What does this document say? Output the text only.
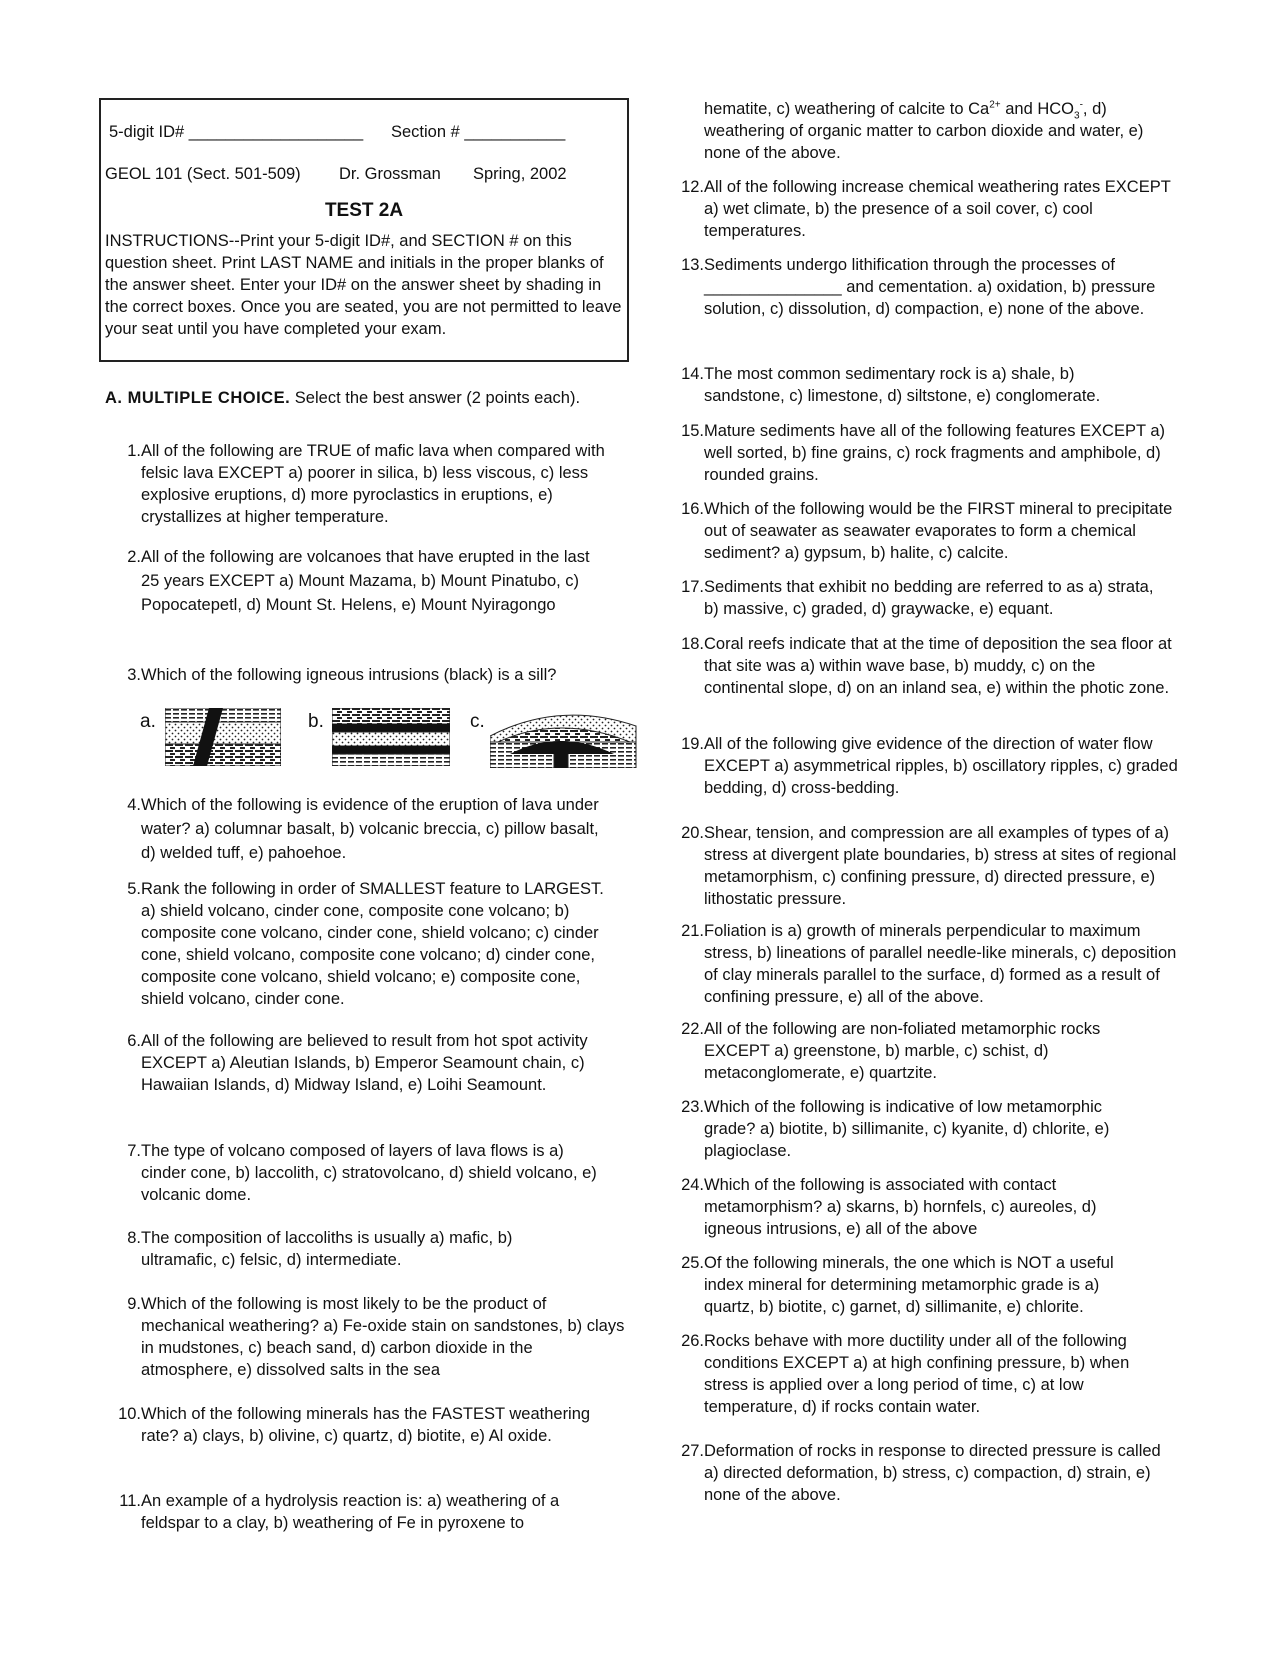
5-digit ID# ___________________ Section # ___________
GEOL 101 (Sect. 501-509) Dr. Grossman Spring, 2002
TEST 2A
INSTRUCTIONS--Print your 5-digit ID#, and SECTION # on this question sheet. Print LAST NAME and initials in the proper blanks of the answer sheet. Enter your ID# on the answer sheet by shading in the correct boxes. Once you are seated, you are not permitted to leave your seat until you have completed your exam.
A. MULTIPLE CHOICE. Select the best answer (2 points each).
1. All of the following are TRUE of mafic lava when compared with felsic lava EXCEPT a) poorer in silica, b) less viscous, c) less explosive eruptions, d) more pyroclastics in eruptions, e) crystallizes at higher temperature.
2. All of the following are volcanoes that have erupted in the last 25 years EXCEPT a) Mount Mazama, b) Mount Pinatubo, c) Popocatepetl, d) Mount St. Helens, e) Mount Nyiragongo
3. Which of the following igneous intrusions (black) is a sill?
a.	b.	c.
4. Which of the following is evidence of the eruption of lava under water? a) columnar basalt, b) volcanic breccia, c) pillow basalt, d) welded tuff, e) pahoehoe.
5. Rank the following in order of SMALLEST feature to LARGEST. a) shield volcano, cinder cone, composite cone volcano; b) composite cone volcano, cinder cone, shield volcano; c) cinder cone, shield volcano, composite cone volcano; d) cinder cone, composite cone volcano, shield volcano; e) composite cone, shield volcano, cinder cone.
6. All of the following are believed to result from hot spot activity EXCEPT a) Aleutian Islands, b) Emperor Seamount chain, c) Hawaiian Islands, d) Midway Island, e) Loihi Seamount.
7. The type of volcano composed of layers of lava flows is a) cinder cone, b) laccolith, c) stratovolcano, d) shield volcano, e) volcanic dome.
8. The composition of laccoliths is usually a) mafic, b) ultramafic, c) felsic, d) intermediate.
9. Which of the following is most likely to be the product of mechanical weathering? a) Fe-oxide stain on sandstones, b) clays in mudstones, c) beach sand, d) carbon dioxide in the atmosphere, e) dissolved salts in the sea
10. Which of the following minerals has the FASTEST weathering rate? a) clays, b) olivine, c) quartz, d) biotite, e) Al oxide.
11. An example of a hydrolysis reaction is: a) weathering of a feldspar to a clay, b) weathering of Fe in pyroxene to
hematite, c) weathering of calcite to $Ca^{2+}$ and $HCO_3^-$, d) weathering of organic matter to carbon dioxide and water, e) none of the above.
12. All of the following increase chemical weathering rates EXCEPT a) wet climate, b) the presence of a soil cover, c) cool temperatures.
13. Sediments undergo lithification through the processes of _______________ and cementation. a) oxidation, b) pressure solution, c) dissolution, d) compaction, e) none of the above.
14. The most common sedimentary rock is a) shale, b) sandstone, c) limestone, d) siltstone, e) conglomerate.
15. Mature sediments have all of the following features EXCEPT a) well sorted, b) fine grains, c) rock fragments and amphibole, d) rounded grains.
16. Which of the following would be the FIRST mineral to precipitate out of seawater as seawater evaporates to form a chemical sediment? a) gypsum, b) halite, c) calcite.
17. Sediments that exhibit no bedding are referred to as a) strata, b) massive, c) graded, d) graywacke, e) equant.
18. Coral reefs indicate that at the time of deposition the sea floor at that site was a) within wave base, b) muddy, c) on the continental slope, d) on an inland sea, e) within the photic zone.
19. All of the following give evidence of the direction of water flow EXCEPT a) asymmetrical ripples, b) oscillatory ripples, c) graded bedding, d) cross-bedding.
20. Shear, tension, and compression are all examples of types of a) stress at divergent plate boundaries, b) stress at sites of regional metamorphism, c) confining pressure, d) directed pressure, e) lithostatic pressure.
21. Foliation is a) growth of minerals perpendicular to maximum stress, b) lineations of parallel needle-like minerals, c) deposition of clay minerals parallel to the surface, d) formed as a result of confining pressure, e) all of the above.
22. All of the following are non-foliated metamorphic rocks EXCEPT a) greenstone, b) marble, c) schist, d) metaconglomerate, e) quartzite.
23. Which of the following is indicative of low metamorphic grade? a) biotite, b) sillimanite, c) kyanite, d) chlorite, e) plagioclase.
24. Which of the following is associated with contact metamorphism? a) skarns, b) hornfels, c) aureoles, d) igneous intrusions, e) all of the above
25. Of the following minerals, the one which is NOT a useful index mineral for determining metamorphic grade is a) quartz, b) biotite, c) garnet, d) sillimanite, e) chlorite.
26. Rocks behave with more ductility under all of the following conditions EXCEPT a) at high confining pressure, b) when stress is applied over a long period of time, c) at low temperature, d) if rocks contain water.
27. Deformation of rocks in response to directed pressure is called a) directed deformation, b) stress, c) compaction, d) strain, e) none of the above.
